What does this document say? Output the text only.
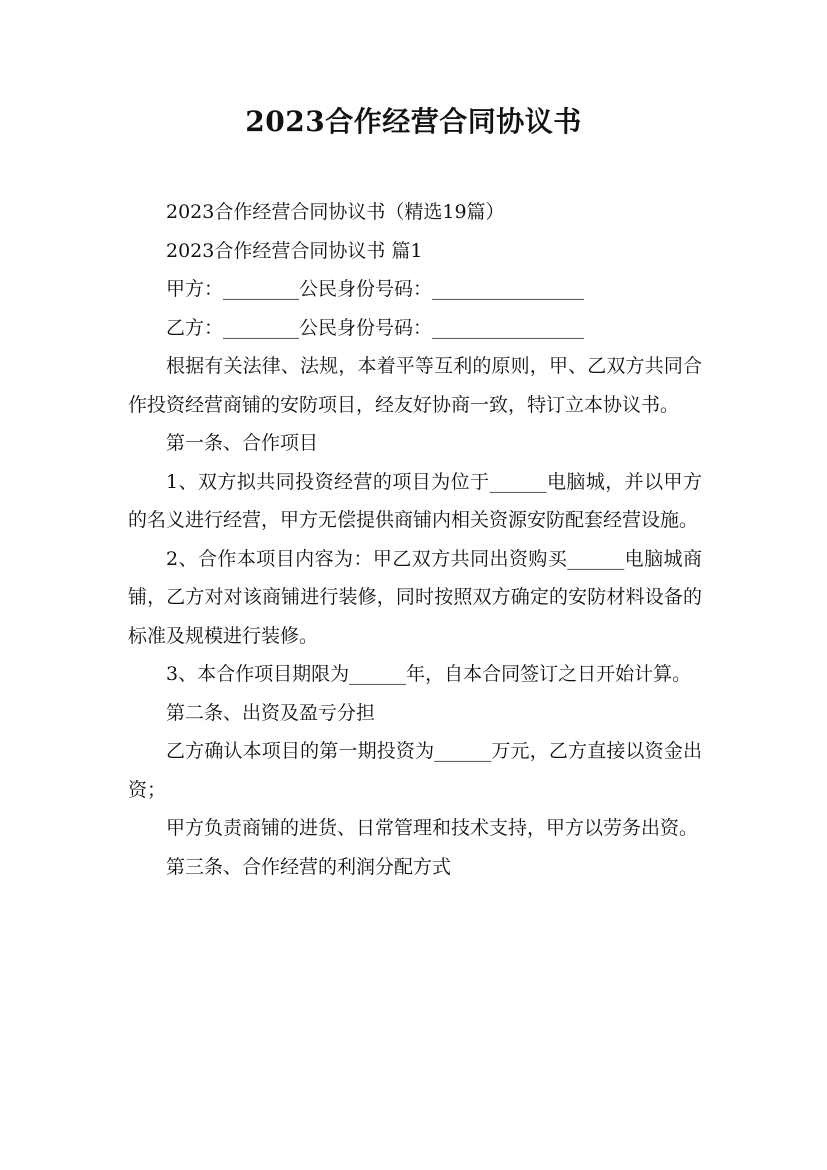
2023合作经营合同协议书

2023合作经营合同协议书（精选19篇）

2023合作经营合同协议书 篇1

甲方：________公民身份号码：________________

乙方：________公民身份号码：________________

根据有关法律、法规，本着平等互利的原则，甲、乙双方共同合作投资经营商铺的安防项目，经友好协商一致，特订立本协议书。

第一条、合作项目

1、双方拟共同投资经营的项目为位于______电脑城，并以甲方的名义进行经营，甲方无偿提供商铺内相关资源安防配套经营设施。

2、合作本项目内容为：甲乙双方共同出资购买______电脑城商铺，乙方对对该商铺进行装修，同时按照双方确定的安防材料设备的标准及规模进行装修。

3、本合作项目期限为______年，自本合同签订之日开始计算。

第二条、出资及盈亏分担

乙方确认本项目的第一期投资为______万元，乙方直接以资金出资；

甲方负责商铺的进货、日常管理和技术支持，甲方以劳务出资。

第三条、合作经营的利润分配方式
